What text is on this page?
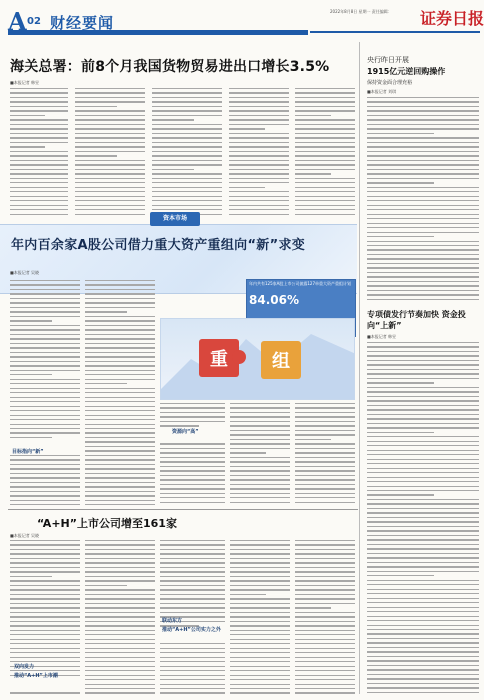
A 02 财经要闻
2022年8月8日 星期一 责任编辑：	证券日报
海关总署：前8个月我国货物贸易进出口增长3.5%
■本报记者 韩昱
资本市场
年内百余家A股公司借力重大资产重组向“新”求变
■本报记者 吴晓
年内共有125家A股上市公司披露127单重大资产重组计划
84.06%
重 组
目标指向“新”
资源向“高”
“A+H”上市公司增至161家
■本报记者 吴晓
双向发力
推动“A+H”上市潮
联动东方
推动“A+H”公司实力之外
央行昨日开展
1915亿元逆回购操作
保持资金面合理充裕
■本报记者 刘琪
专项债发行节奏加快 资金投向“上新”
■本报记者 韩昱
